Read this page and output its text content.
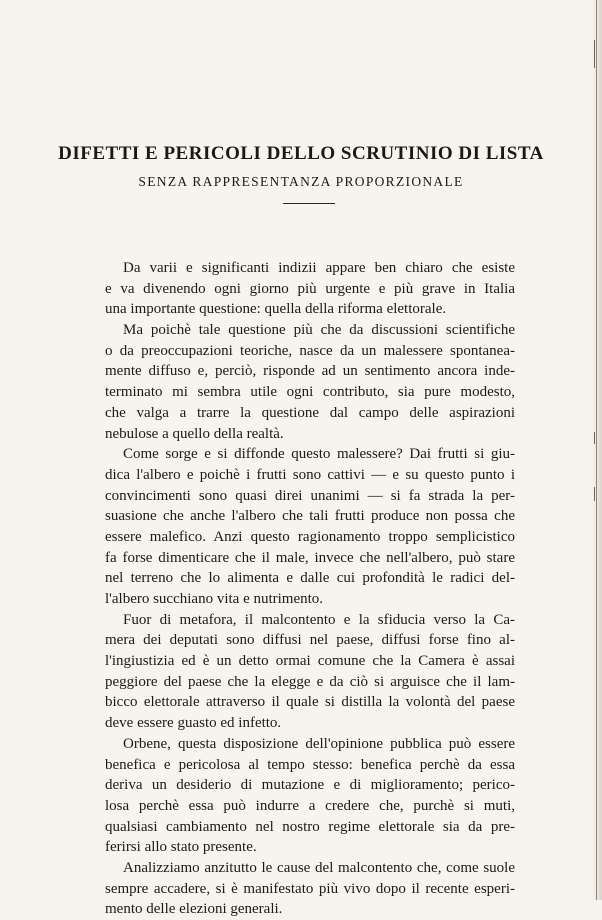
DIFETTI E PERICOLI DELLO SCRUTINIO DI LISTA
SENZA RAPPRESENTANZA PROPORZIONALE
Da varii e significanti indizii appare ben chiaro che esiste
e va divenendo ogni giorno più urgente e più grave in Italia
una importante questione: quella della riforma elettorale.
Ma poichè tale questione più che da discussioni scientifiche
o da preoccupazioni teoriche, nasce da un malessere spontanea-
mente diffuso e, perciò, risponde ad un sentimento ancora inde-
terminato mi sembra utile ogni contributo, sia pure modesto,
che valga a trarre la questione dal campo delle aspirazioni
nebulose a quello della realtà.
Come sorge e si diffonde questo malessere? Dai frutti si giu-
dica l'albero e poichè i frutti sono cattivi — e su questo punto i
convincimenti sono quasi direi unanimi — si fa strada la per-
suasione che anche l'albero che tali frutti produce non possa che
essere malefico. Anzi questo ragionamento troppo semplicistico
fa forse dimenticare che il male, invece che nell'albero, può stare
nel terreno che lo alimenta e dalle cui profondità le radici del-
l'albero succhiano vita e nutrimento.
Fuor di metafora, il malcontento e la sfiducia verso la Ca-
mera dei deputati sono diffusi nel paese, diffusi forse fino al-
l'ingiustizia ed è un detto ormai comune che la Camera è assai
peggiore del paese che la elegge e da ciò si arguisce che il lam-
bicco elettorale attraverso il quale si distilla la volontà del paese
deve essere guasto ed infetto.
Orbene, questa disposizione dell'opinione pubblica può essere
benefica e pericolosa al tempo stesso: benefica perchè da essa
deriva un desiderio di mutazione e di miglioramento; perico-
losa perchè essa può indurre a credere che, purchè si muti,
qualsiasi cambiamento nel nostro regime elettorale sia da pre-
ferirsi allo stato presente.
Analizziamo anzitutto le cause del malcontento che, come suole
sempre accadere, si è manifestato più vivo dopo il recente esperi-
mento delle elezioni generali.
